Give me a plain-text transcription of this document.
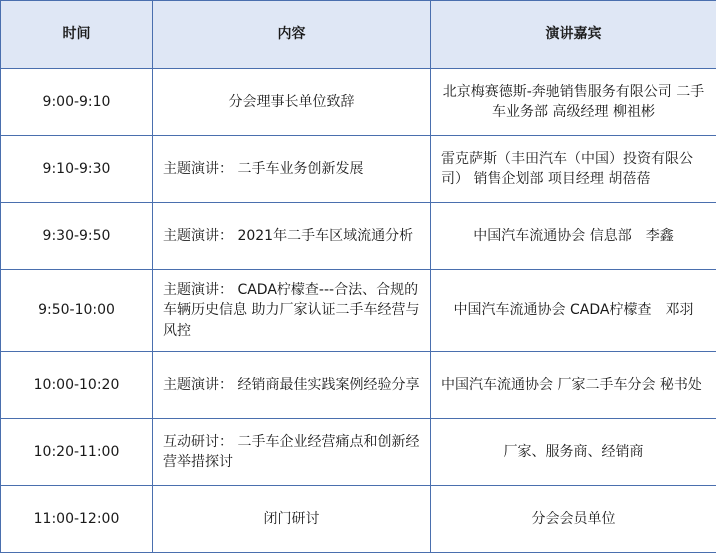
时间	内容	演讲嘉宾
9:00-9:10	分会理事长单位致辞	北京梅赛德斯-奔驰销售服务有限公司 二手车业务部 高级经理 柳祖彬
9:10-9:30	主题演讲： 二手车业务创新发展	雷克萨斯（丰田汽车（中国）投资有限公司） 销售企划部 项目经理 胡蓓蓓
9:30-9:50	主题演讲： 2021年二手车区域流通分析	中国汽车流通协会 信息部　李鑫
9:50-10:00	主题演讲： CADA柠檬查---合法、合规的车辆历史信息 助力厂家认证二手车经营与风控	中国汽车流通协会 CADA柠檬查　邓羽
10:00-10:20	主题演讲： 经销商最佳实践案例经验分享	中国汽车流通协会 厂家二手车分会 秘书处
10:20-11:00	互动研讨： 二手车企业经营痛点和创新经营举措探讨	厂家、服务商、经销商
11:00-12:00	闭门研讨	分会会员单位
